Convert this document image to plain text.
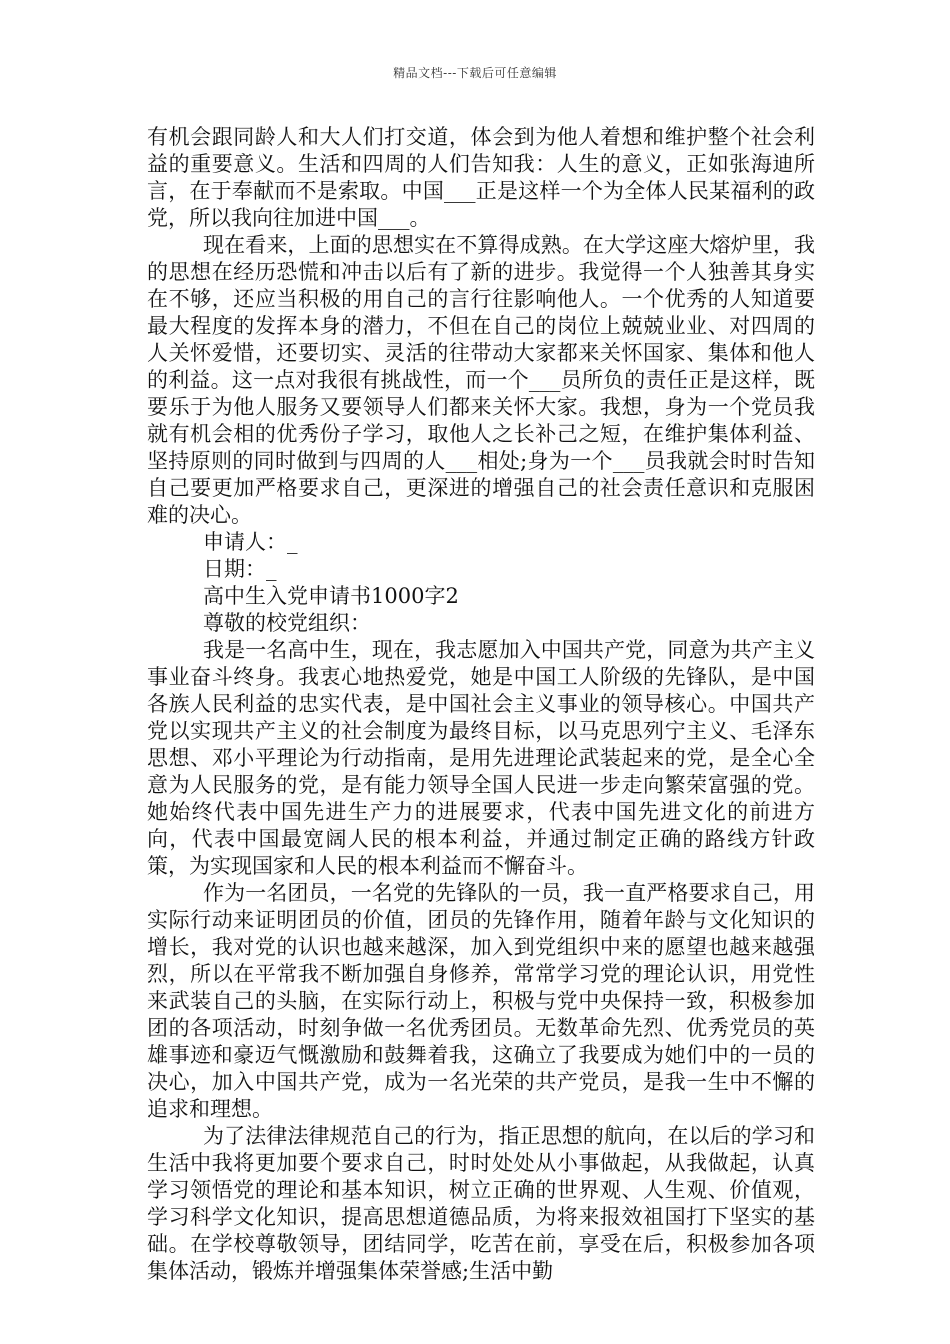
精品文档---下载后可任意编辑

有机会跟同龄人和大人们打交道，体会到为他人着想和维护整个社会利益的重要意义。生活和四周的人们告知我：人生的意义，正如张海迪所言，在于奉献而不是索取。中国___正是这样一个为全体人民某福利的政党，所以我向往加进中国___。

现在看来，上面的思想实在不算得成熟。在大学这座大熔炉里，我的思想在经历恐慌和冲击以后有了新的进步。我觉得一个人独善其身实在不够，还应当积极的用自己的言行往影响他人。一个优秀的人知道要最大程度的发挥本身的潜力，不但在自己的岗位上兢兢业业、对四周的人关怀爱惜，还要切实、灵活的往带动大家都来关怀国家、集体和他人的利益。这一点对我很有挑战性，而一个___员所负的责任正是这样，既要乐于为他人服务又要领导人们都来关怀大家。我想，身为一个党员我就有机会相的优秀份子学习，取他人之长补己之短，在维护集体利益、坚持原则的同时做到与四周的人___相处;身为一个___员我就会时时告知自己要更加严格要求自己，更深进的增强自己的社会责任意识和克服困难的决心。

申请人：_

日期：_

高中生入党申请书1000字2

尊敬的校党组织：

我是一名高中生，现在，我志愿加入中国共产党，同意为共产主义事业奋斗终身。我衷心地热爱党，她是中国工人阶级的先锋队，是中国各族人民利益的忠实代表，是中国社会主义事业的领导核心。中国共产党以实现共产主义的社会制度为最终目标，以马克思列宁主义、毛泽东思想、邓小平理论为行动指南，是用先进理论武装起来的党，是全心全意为人民服务的党，是有能力领导全国人民进一步走向繁荣富强的党。她始终代表中国先进生产力的进展要求，代表中国先进文化的前进方向，代表中国最宽阔人民的根本利益，并通过制定正确的路线方针政策，为实现国家和人民的根本利益而不懈奋斗。

作为一名团员，一名党的先锋队的一员，我一直严格要求自己，用实际行动来证明团员的价值，团员的先锋作用，随着年龄与文化知识的增长，我对党的认识也越来越深，加入到党组织中来的愿望也越来越强烈，所以在平常我不断加强自身修养，常常学习党的理论认识，用党性来武装自己的头脑，在实际行动上，积极与党中央保持一致，积极参加团的各项活动，时刻争做一名优秀团员。无数革命先烈、优秀党员的英雄事迹和豪迈气慨激励和鼓舞着我，这确立了我要成为她们中的一员的决心，加入中国共产党，成为一名光荣的共产党员，是我一生中不懈的追求和理想。

为了法律法律规范自己的行为，指正思想的航向，在以后的学习和生活中我将更加要个要求自己，时时处处从小事做起，从我做起，认真学习领悟党的理论和基本知识，树立正确的世界观、人生观、价值观，学习科学文化知识，提高思想道德品质，为将来报效祖国打下坚实的基础。在学校尊敬领导，团结同学，吃苦在前，享受在后，积极参加各项集体活动，锻炼并增强集体荣誉感;生活中勤
